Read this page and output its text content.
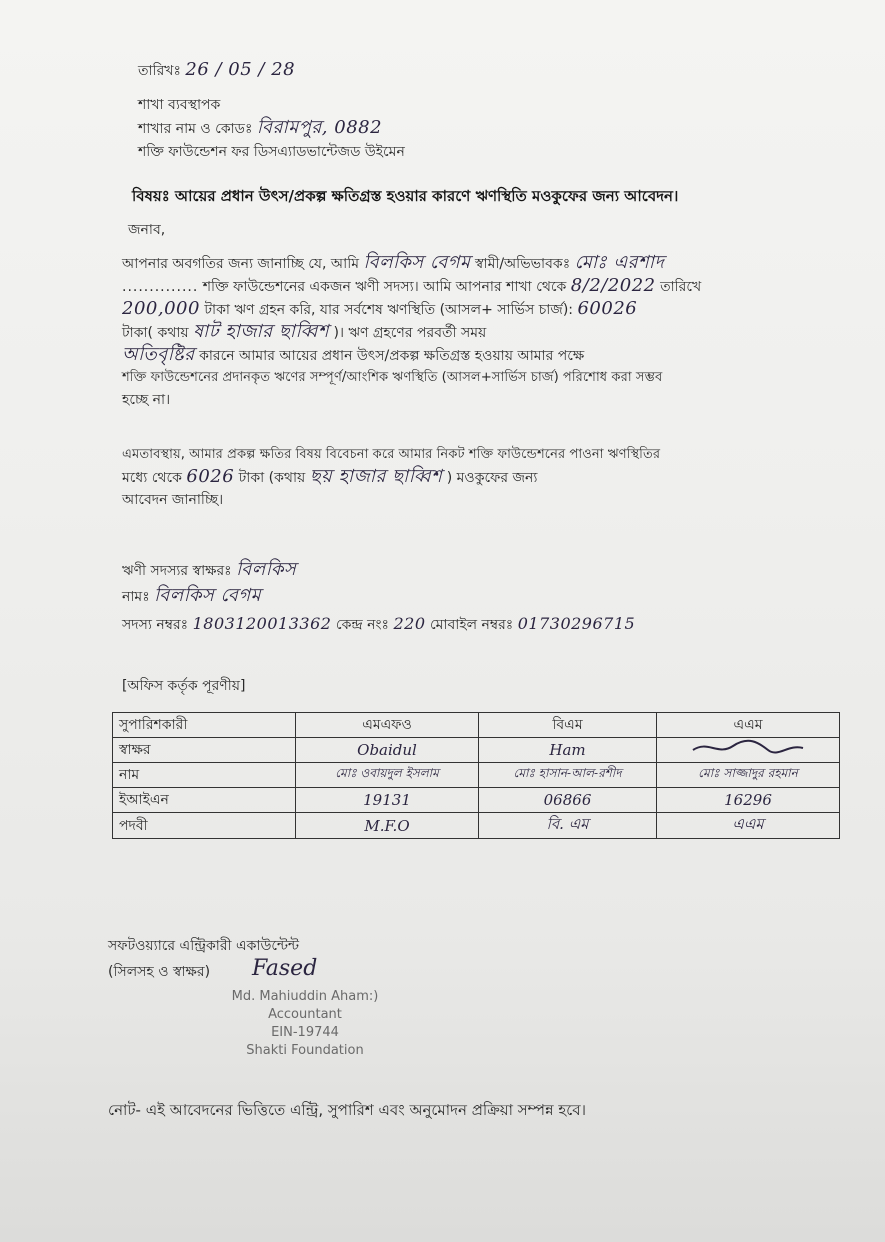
তারিখঃ 26 / 05 / 28
শাখা ব্যবস্থাপক
শাখার নাম ও কোডঃ বিরামপুর, 0882
শক্তি ফাউন্ডেশন ফর ডিসএ্যাডভান্টেজড উইমেন
বিষয়ঃ আয়ের প্রধান উৎস/প্রকল্প ক্ষতিগ্রস্ত হওয়ার কারণে ঋণস্থিতি মওকুফের জন্য আবেদন।
জনাব,
আপনার অবগতির জন্য জানাচ্ছি যে, আমি বিলকিস বেগম স্বামী/অভিভাবকঃ মোঃ এরশাদ
.............. শক্তি ফাউন্ডেশনের একজন ঋণী সদস্য। আমি আপনার শাখা থেকে 8/2/2022 তারিখে
200,000 টাকা ঋণ গ্রহন করি, যার সর্বশেষ ঋণস্থিতি (আসল+ সার্ভিস চার্জ): 60026
টাকা( কথায় ষাট হাজার ছাব্বিশ )। ঋণ গ্রহণের পরবর্তী সময়
অতিবৃষ্টির কারনে আমার আয়ের প্রধান উৎস/প্রকল্প ক্ষতিগ্রস্ত হওয়ায় আমার পক্ষে
শক্তি ফাউন্ডেশনের প্রদানকৃত ঋণের সম্পূর্ণ/আংশিক ঋণস্থিতি (আসল+সার্ভিস চার্জ) পরিশোধ করা সম্ভব
হচ্ছে না।
এমতাবস্থায়, আমার প্রকল্প ক্ষতির বিষয় বিবেচনা করে আমার নিকট শক্তি ফাউন্ডেশনের পাওনা ঋণস্থিতির
মধ্যে থেকে 6026 টাকা (কথায় ছয় হাজার ছাব্বিশ ) মওকুফের জন্য
আবেদন জানাচ্ছি।
ঋণী সদস্যর স্বাক্ষরঃ বিলকিস
নামঃ বিলকিস বেগম
সদস্য নম্বরঃ 1803120013362 কেন্দ্র নংঃ 220 মোবাইল নম্বরঃ 01730296715
[অফিস কর্তৃক পূরণীয়]
সুপারিশকারী	এমএফও	বিএম	এএম
স্বাক্ষর	Obaidul	Ham	
নাম	মোঃ ওবায়দুল ইসলাম	মোঃ হাসান-আল-রশীদ	মোঃ সাজ্জাদুর রহমান
ইআইএন	19131	06866	16296
পদবী	M.F.O	বি. এম	এএম
সফটওয়্যারে এন্ট্রিকারী একাউন্টেন্ট
(সিলসহ ও স্বাক্ষর) Fased
Md. Mahiuddin Aham:)
Accountant
EIN-19744
Shakti Foundation
নোট- এই আবেদনের ভিত্তিতে এন্ট্রি, সুপারিশ এবং অনুমোদন প্রক্রিয়া সম্পন্ন হবে।
